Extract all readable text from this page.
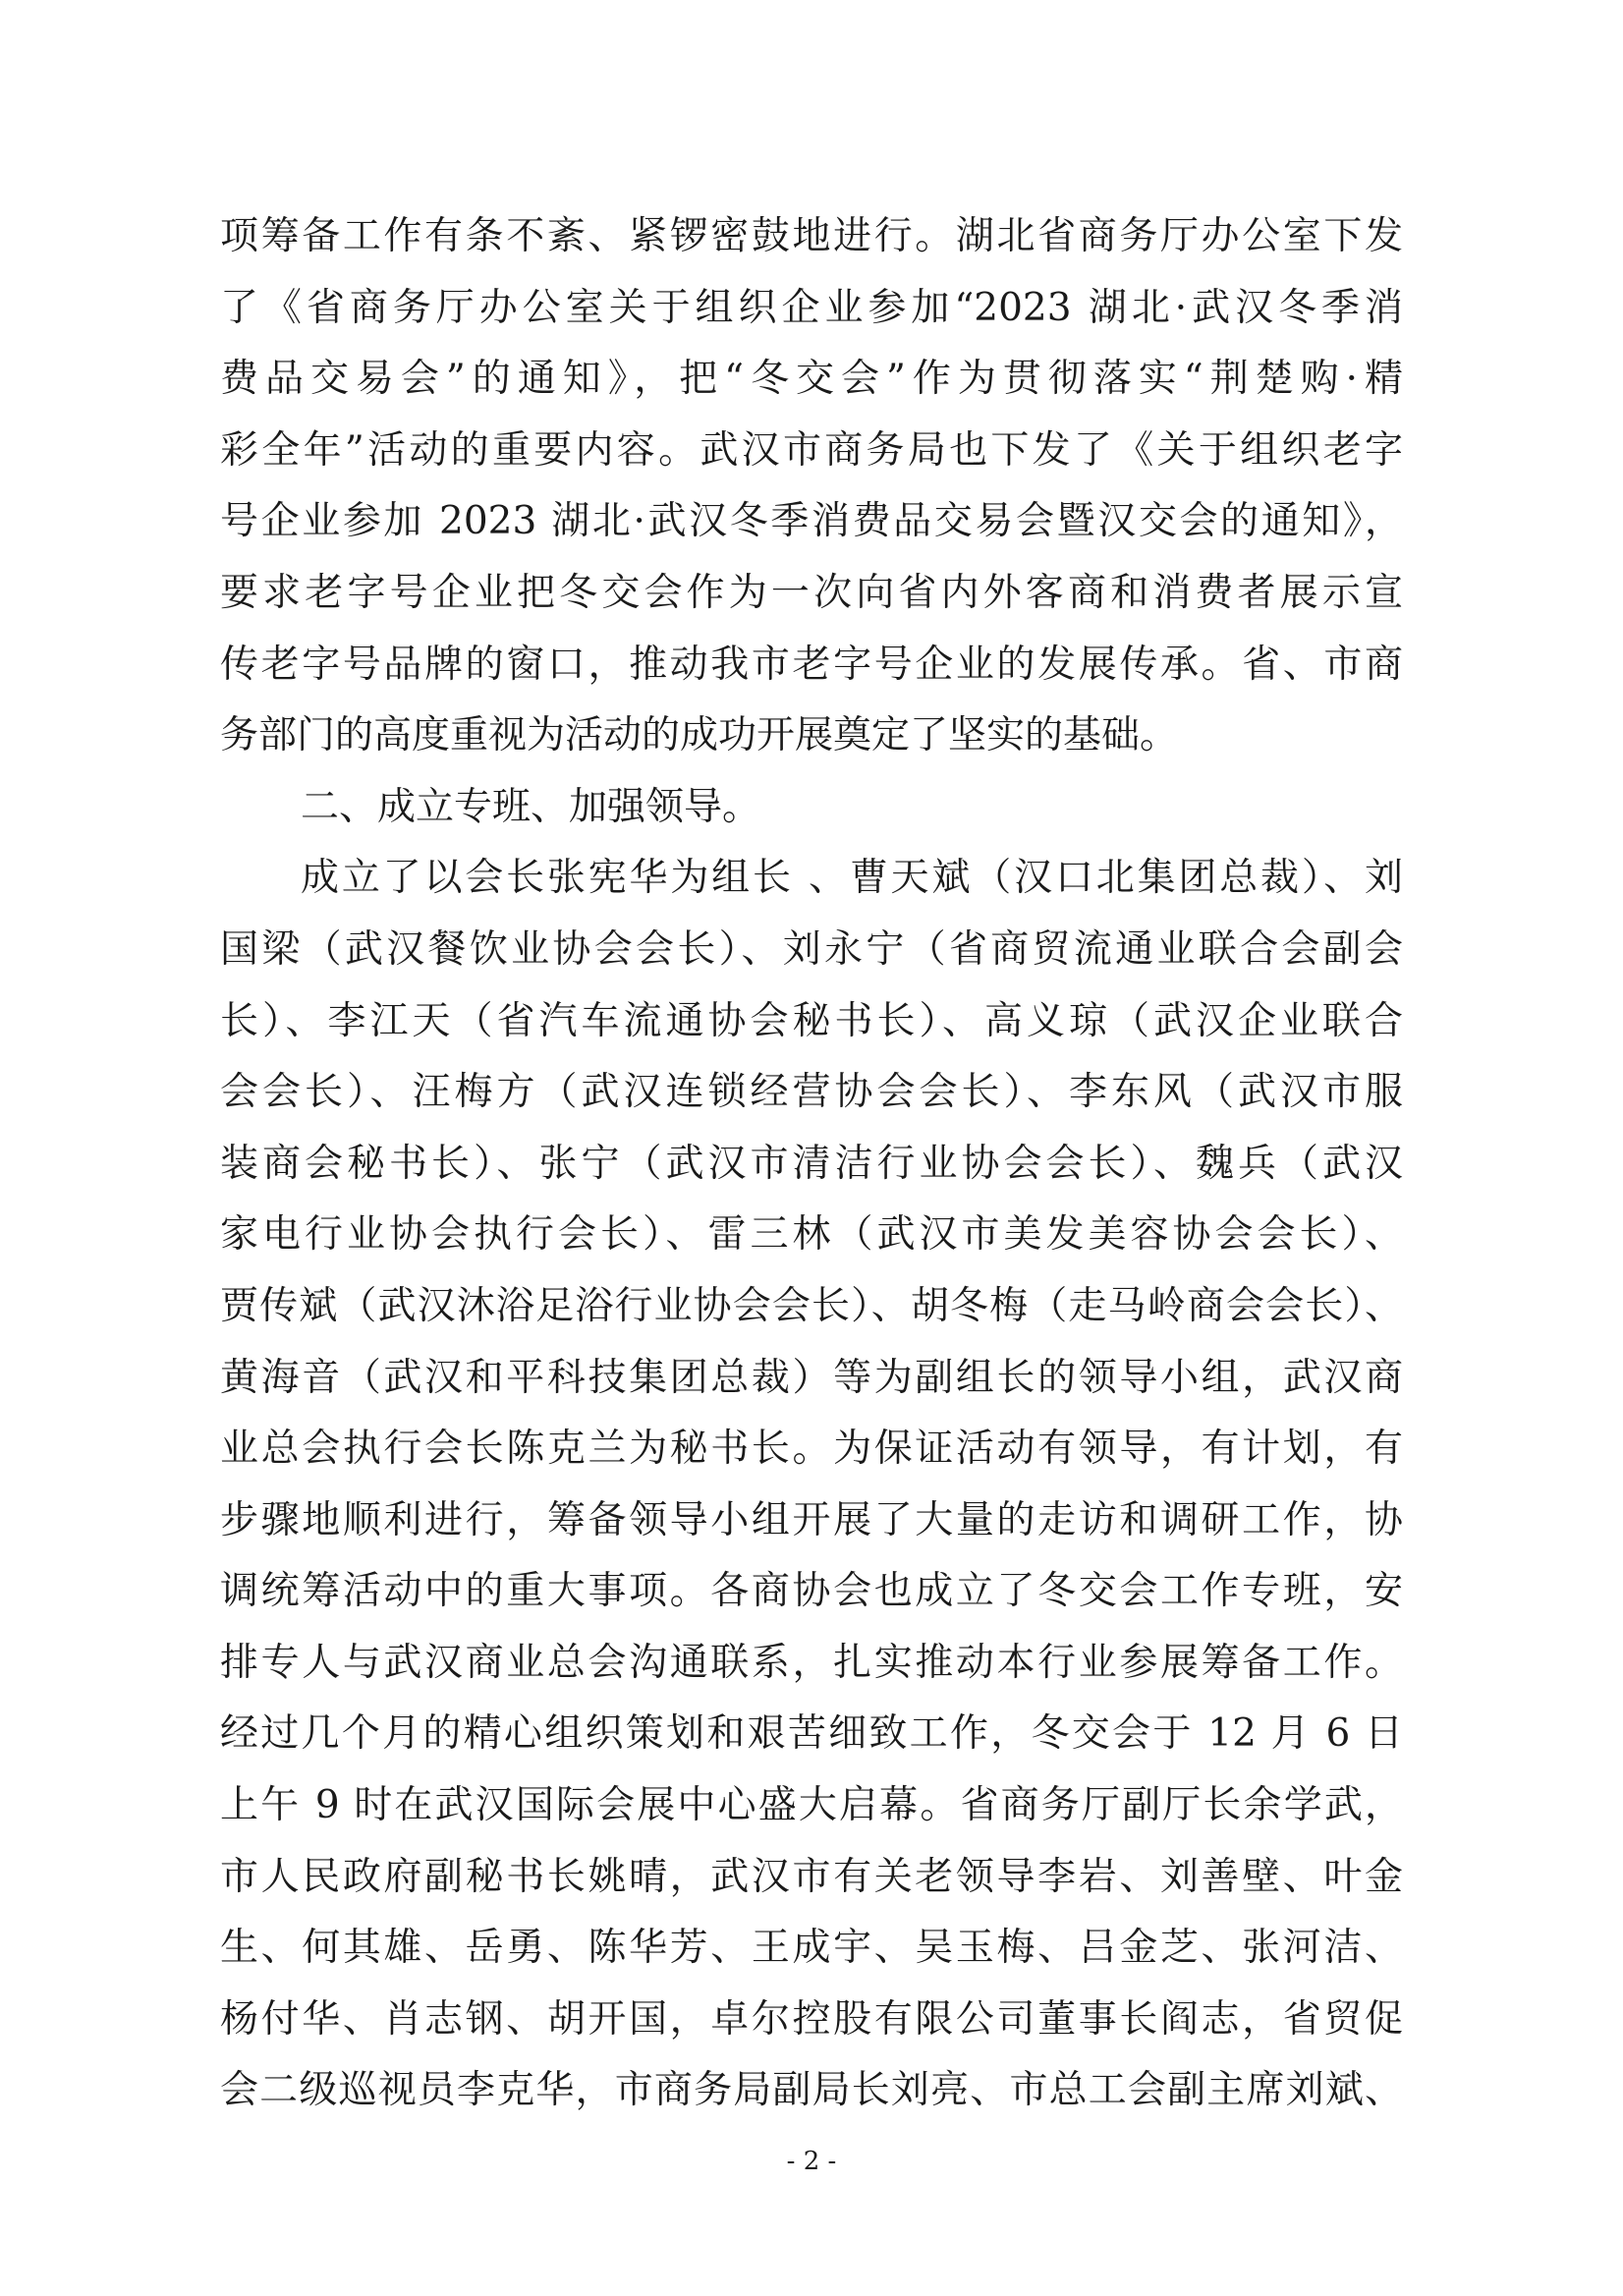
项筹备工作有条不紊、紧锣密鼓地进行。湖北省商务厅办公室下发
了《省商务厅办公室关于组织企业参加“2023 湖北·武汉冬季消
费品交易会”的通知》，把“冬交会”作为贯彻落实“荆楚购·精
彩全年”活动的重要内容。武汉市商务局也下发了《关于组织老字
号企业参加 2023 湖北·武汉冬季消费品交易会暨汉交会的通知》，
要求老字号企业把冬交会作为一次向省内外客商和消费者展示宣
传老字号品牌的窗口，推动我市老字号企业的发展传承。省、市商
务部门的高度重视为活动的成功开展奠定了坚实的基础。
二、成立专班、加强领导。
成立了以会长张宪华为组长 、曹天斌（汉口北集团总裁）、刘
国梁（武汉餐饮业协会会长）、刘永宁（省商贸流通业联合会副会
长）、李江天（省汽车流通协会秘书长）、高义琼（武汉企业联合
会会长）、汪梅方（武汉连锁经营协会会长）、李东风（武汉市服
装商会秘书长）、张宁（武汉市清洁行业协会会长）、魏兵（武汉
家电行业协会执行会长）、雷三林（武汉市美发美容协会会长）、
贾传斌（武汉沐浴足浴行业协会会长）、胡冬梅（走马岭商会会长）、
黄海音（武汉和平科技集团总裁）等为副组长的领导小组，武汉商
业总会执行会长陈克兰为秘书长。为保证活动有领导，有计划，有
步骤地顺利进行，筹备领导小组开展了大量的走访和调研工作，协
调统筹活动中的重大事项。各商协会也成立了冬交会工作专班，安
排专人与武汉商业总会沟通联系，扎实推动本行业参展筹备工作。
经过几个月的精心组织策划和艰苦细致工作，冬交会于 12 月 6 日
上午 9 时在武汉国际会展中心盛大启幕。省商务厅副厅长余学武，
市人民政府副秘书长姚晴，武汉市有关老领导李岩、刘善壁、叶金
生、何其雄、岳勇、陈华芳、王成宇、吴玉梅、吕金芝、张河洁、
杨付华、肖志钢、胡开国，卓尔控股有限公司董事长阎志，省贸促
会二级巡视员李克华，市商务局副局长刘亮、市总工会副主席刘斌、
- 2 -
